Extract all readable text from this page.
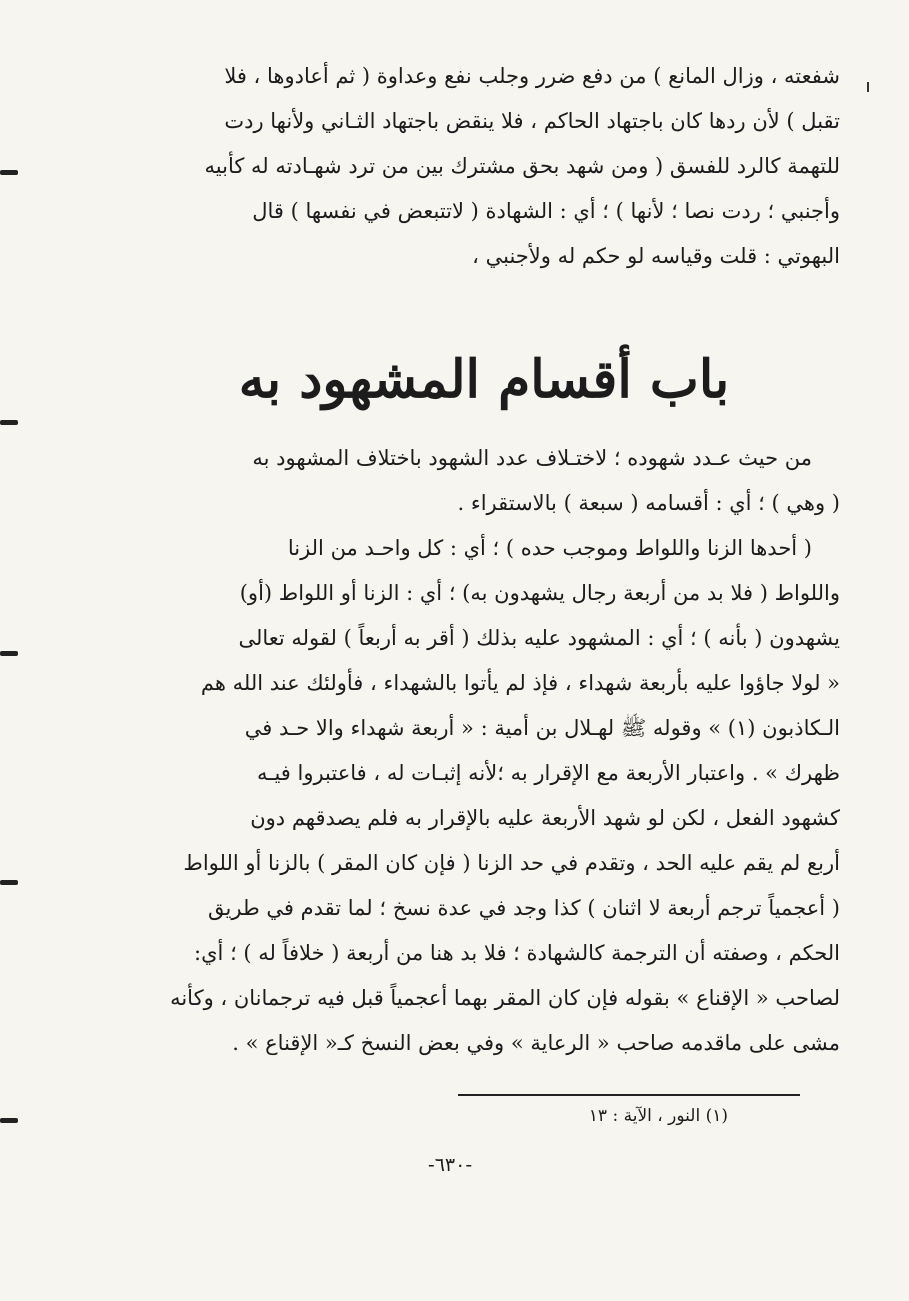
شفعته ، وزال المانع ) من دفع ضرر وجلب نفع وعداوة ( ثم أعادوها ، فلا

تقبل ) لأن ردها كان باجتهاد الحاكم ، فلا ينقض باجتهاد الثـاني ولأنها ردت

للتهمة كالرد للفسق ( ومن شهد بحق مشترك بين من ترد شهـادته له كأبيه

وأجنبي ؛ ردت نصا ؛ لأنها ) ؛ أي : الشهادة ( لاتتبعض في نفسها ) قال

البهوتي : قلت وقياسه لو حكم له ولأجنبي ،

باب أقسام المشهود به

من حيث عـدد شهوده ؛ لاختـلاف عدد الشهود باختلاف المشهود به

( وهي ) ؛ أي : أقسامه ( سبعة ) بالاستقراء .

( أحدها الزنا واللواط وموجب حده ) ؛ أي : كل واحـد من الزنا

واللواط ( فلا بد من أربعة رجال يشهدون به) ؛ أي : الزنا أو اللواط (أو)

يشهدون ( بأنه ) ؛ أي : المشهود عليه بذلك ( أقر به أربعاً ) لقوله تعالى

« لولا جاؤوا عليه بأربعة شهداء ، فإذ لم يأتوا بالشهداء ، فأولئك عند الله هم

الـكاذبون (١) » وقوله ﷺ لهـلال بن أمية : « أربعة شهداء والا حـد في

ظهرك » . واعتبار الأربعة مع الإقرار به ؛لأنه إثبـات له ، فاعتبروا فيـه

كشهود الفعل ، لكن لو شهد الأربعة عليه بالإقرار به فلم يصدقهم دون

أربع لم يقم عليه الحد ، وتقدم في حد الزنا ( فإن كان المقر ) بالزنا أو اللواط

( أعجمياً ترجم أربعة لا اثنان ) كذا وجد في عدة نسخ ؛ لما تقدم في طريق

الحكم ، وصفته أن الترجمة كالشهادة ؛ فلا بد هنا من أربعة ( خلافاً له ) ؛ أي:

لصاحب « الإقناع » بقوله فإن كان المقر بهما أعجمياً قبل فيه ترجمانان ، وكأنه

مشى على ماقدمه صاحب « الرعاية » وفي بعض النسخ كـ« الإقناع » .

(١) النور ، الآية : ١٣
-٦٣٠-
